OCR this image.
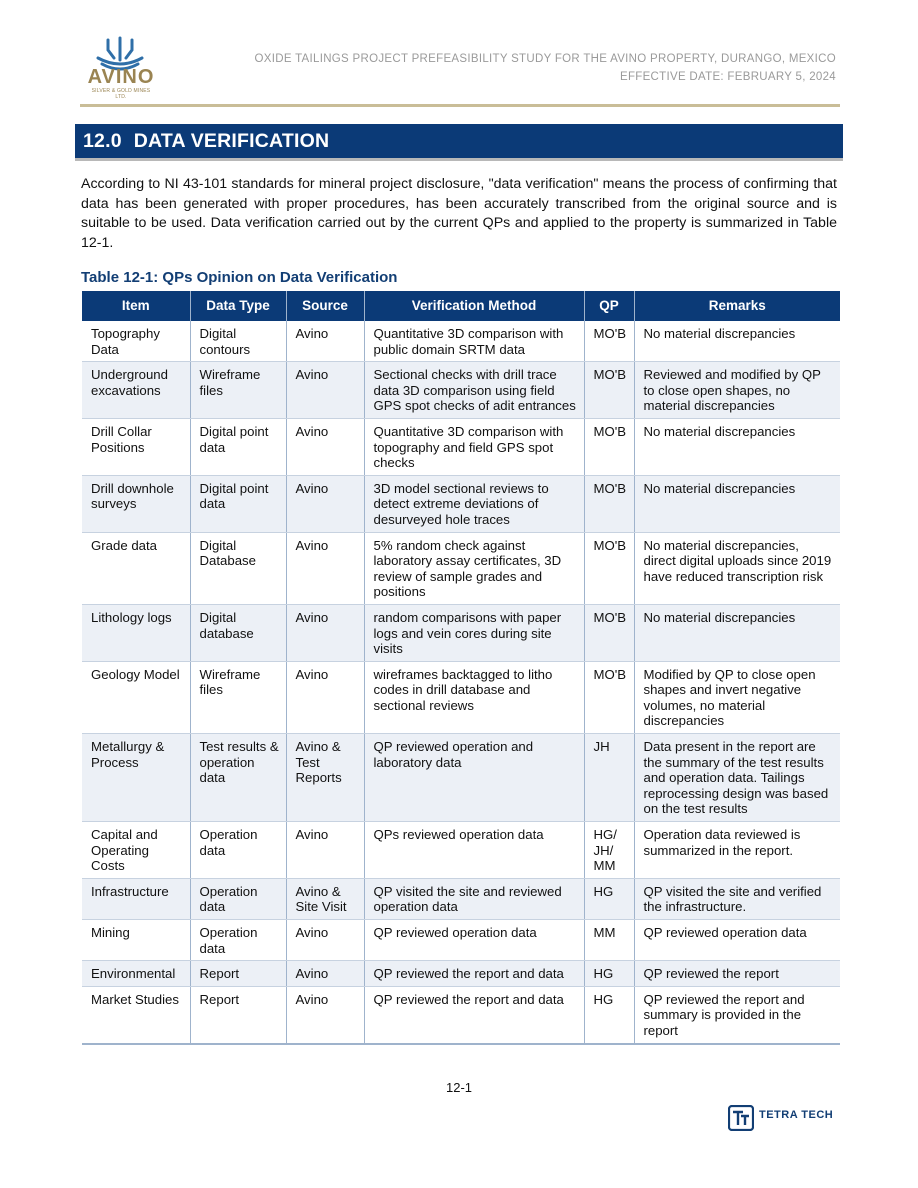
AVINO
SILVER & GOLD MINES LTD.
OXIDE TAILINGS PROJECT PREFEASIBILITY STUDY FOR THE AVINO PROPERTY, DURANGO, MEXICO
EFFECTIVE DATE: FEBRUARY 5, 2024
12.0 DATA VERIFICATION

According to NI 43-101 standards for mineral project disclosure, "data verification" means the process of confirming that data has been generated with proper procedures, has been accurately transcribed from the original source and is suitable to be used. Data verification carried out by the current QPs and applied to the property is summarized in Table 12-1.

Table 12-1: QPs Opinion on Data Verification
Item	Data Type	Source	Verification Method	QP	Remarks
Topography Data	Digital contours	Avino	Quantitative 3D comparison with public domain SRTM data	MO'B	No material discrepancies
Underground excavations	Wireframe files	Avino	Sectional checks with drill trace data 3D comparison using field GPS spot checks of adit entrances	MO'B	Reviewed and modified by QP to close open shapes, no material discrepancies
Drill Collar Positions	Digital point data	Avino	Quantitative 3D comparison with topography and field GPS spot checks	MO'B	No material discrepancies
Drill downhole surveys	Digital point data	Avino	3D model sectional reviews to detect extreme deviations of desurveyed hole traces	MO'B	No material discrepancies
Grade data	Digital Database	Avino	5% random check against laboratory assay certificates, 3D review of sample grades and positions	MO'B	No material discrepancies, direct digital uploads since 2019 have reduced transcription risk
Lithology logs	Digital database	Avino	random comparisons with paper logs and vein cores during site visits	MO'B	No material discrepancies
Geology Model	Wireframe files	Avino	wireframes backtagged to litho codes in drill database and sectional reviews	MO'B	Modified by QP to close open shapes and invert negative volumes, no material discrepancies
Metallurgy & Process	Test results & operation data	Avino & Test Reports	QP reviewed operation and laboratory data	JH	Data present in the report are the summary of the test results and operation data. Tailings reprocessing design was based on the test results
Capital and Operating Costs	Operation data	Avino	QPs reviewed operation data	HG/ JH/ MM	Operation data reviewed is summarized in the report.
Infrastructure	Operation data	Avino & Site Visit	QP visited the site and reviewed operation data	HG	QP visited the site and verified the infrastructure.
Mining	Operation data	Avino	QP reviewed operation data	MM	QP reviewed operation data
Environmental	Report	Avino	QP reviewed the report and data	HG	QP reviewed the report
Market Studies	Report	Avino	QP reviewed the report and data	HG	QP reviewed the report and summary is provided in the report
12-1
TETRA TECH
